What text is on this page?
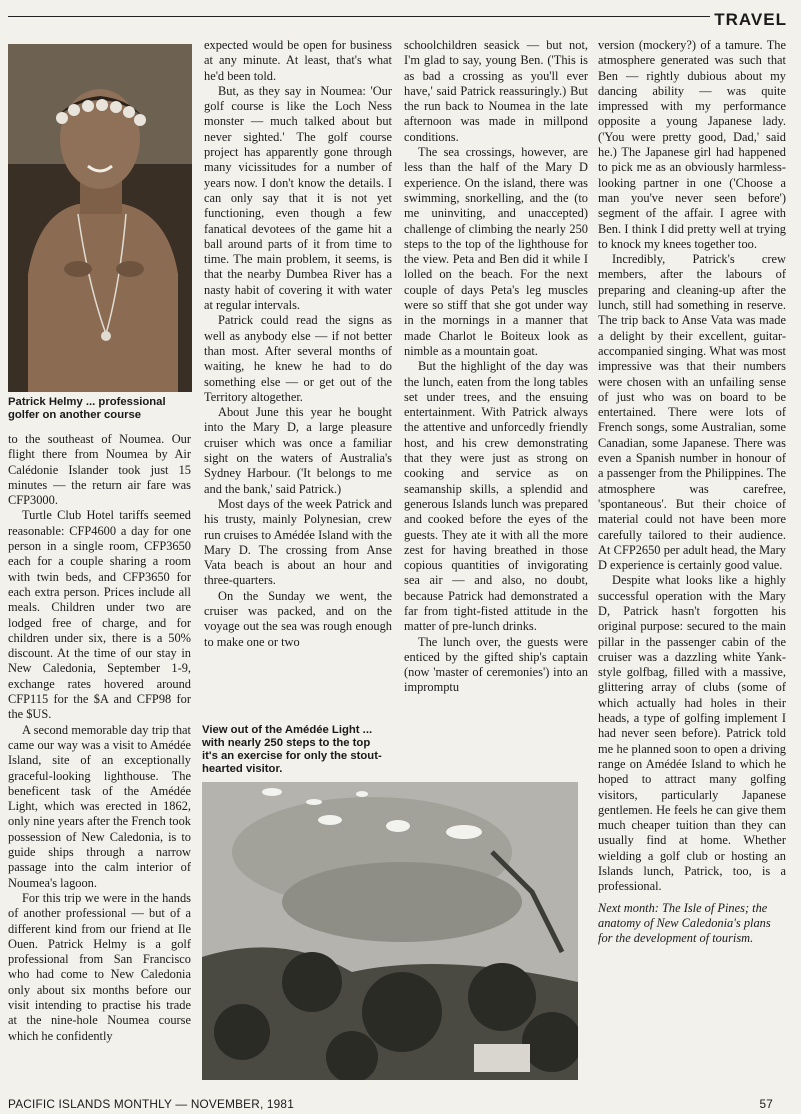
TRAVEL
Patrick Helmy ... professional golfer on another course

to the southeast of Noumea. Our flight there from Noumea by Air Calédonie Islander took just 15 minutes — the return air fare was CFP3000.

Turtle Club Hotel tariffs seemed reasonable: CFP4600 a day for one person in a single room, CFP3650 each for a couple sharing a room with twin beds, and CFP3650 for each extra person. Prices include all meals. Children under two are lodged free of charge, and for children under six, there is a 50% discount. At the time of our stay in New Caledonia, September 1-9, exchange rates hovered around CFP115 for the $A and CFP98 for the $US.

A second memorable day trip that came our way was a visit to Amédée Island, site of an exceptionally graceful-looking lighthouse. The beneficent task of the Amédée Light, which was erected in 1862, only nine years after the French took possession of New Caledonia, is to guide ships through a narrow passage into the calm interior of Noumea's lagoon.

For this trip we were in the hands of another professional — but of a different kind from our friend at Ile Ouen. Patrick Helmy is a golf professional from San Francisco who had come to New Caledonia only about six months before our visit intending to practise his trade at the nine-hole Noumea course which he confidently

expected would be open for business at any minute. At least, that's what he'd been told.

But, as they say in Noumea: 'Our golf course is like the Loch Ness monster — much talked about but never sighted.' The golf course project has apparently gone through many vicissitudes for a number of years now. I don't know the details. I can only say that it is not yet functioning, even though a few fanatical devotees of the game hit a ball around parts of it from time to time. The main problem, it seems, is that the nearby Dumbea River has a nasty habit of covering it with water at regular intervals.

Patrick could read the signs as well as anybody else — if not better than most. After several months of waiting, he knew he had to do something else — or get out of the Territory altogether.

About June this year he bought into the Mary D, a large pleasure cruiser which was once a familiar sight on the waters of Australia's Sydney Harbour. ('It belongs to me and the bank,' said Patrick.)

Most days of the week Patrick and his trusty, mainly Polynesian, crew run cruises to Amédée Island with the Mary D. The crossing from Anse Vata beach is about an hour and three-quarters.

On the Sunday we went, the cruiser was packed, and on the voyage out the sea was rough enough to make one or two

View out of the Amédée Light ... with nearly 250 steps to the top it's an exercise for only the stout-hearted visitor.

schoolchildren seasick — but not, I'm glad to say, young Ben. ('This is as bad a crossing as you'll ever have,' said Patrick reassuringly.) But the run back to Noumea in the late afternoon was made in millpond conditions.

The sea crossings, however, are less than the half of the Mary D experience. On the island, there was swimming, snorkelling, and the (to me uninviting, and unaccepted) challenge of climbing the nearly 250 steps to the top of the lighthouse for the view. Peta and Ben did it while I lolled on the beach. For the next couple of days Peta's leg muscles were so stiff that she got under way in the mornings in a manner that made Charlot le Boiteux look as nimble as a mountain goat.

But the highlight of the day was the lunch, eaten from the long tables set under trees, and the ensuing entertainment. With Patrick always the attentive and unforcedly friendly host, and his crew demonstrating that they were just as strong on cooking and service as on seamanship skills, a splendid and generous Islands lunch was prepared and cooked before the eyes of the guests. They ate it with all the more zest for having breathed in those copious quantities of invigorating sea air — and also, no doubt, because Patrick had demonstrated a far from tight-fisted attitude in the matter of pre-lunch drinks.

The lunch over, the guests were enticed by the gifted ship's captain (now 'master of ceremonies') into an impromptu

version (mockery?) of a tamure. The atmosphere generated was such that Ben — rightly dubious about my dancing ability — was quite impressed with my performance opposite a young Japanese lady. ('You were pretty good, Dad,' said he.) The Japanese girl had happened to pick me as an obviously harmless-looking partner in one ('Choose a man you've never seen before') segment of the affair. I agree with Ben. I think I did pretty well at trying to knock my knees together too.

Incredibly, Patrick's crew members, after the labours of preparing and cleaning-up after the lunch, still had something in reserve. The trip back to Anse Vata was made a delight by their excellent, guitar-accompanied singing. What was most impressive was that their numbers were chosen with an unfailing sense of just who was on board to be entertained. There were lots of French songs, some Australian, some Canadian, some Japanese. There was even a Spanish number in honour of a passenger from the Philippines. The atmosphere was carefree, 'spontaneous'. But their choice of material could not have been more carefully tailored to their audience. At CFP2650 per adult head, the Mary D experience is certainly good value.

Despite what looks like a highly successful operation with the Mary D, Patrick hasn't forgotten his original purpose: secured to the main pillar in the passenger cabin of the cruiser was a dazzling white Yank-style golfbag, filled with a massive, glittering array of clubs (some of which actually had holes in their heads, a type of golfing implement I had never seen before). Patrick told me he planned soon to open a driving range on Amédée Island to which he hoped to attract many golfing visitors, particularly Japanese gentlemen. He feels he can give them much cheaper tuition than they can usually find at home. Whether wielding a golf club or hosting an Islands lunch, Patrick, too, is a professional.

Next month: The Isle of Pines; the anatomy of New Caledonia's plans for the development of tourism.

PACIFIC ISLANDS MONTHLY — NOVEMBER, 1981	57
